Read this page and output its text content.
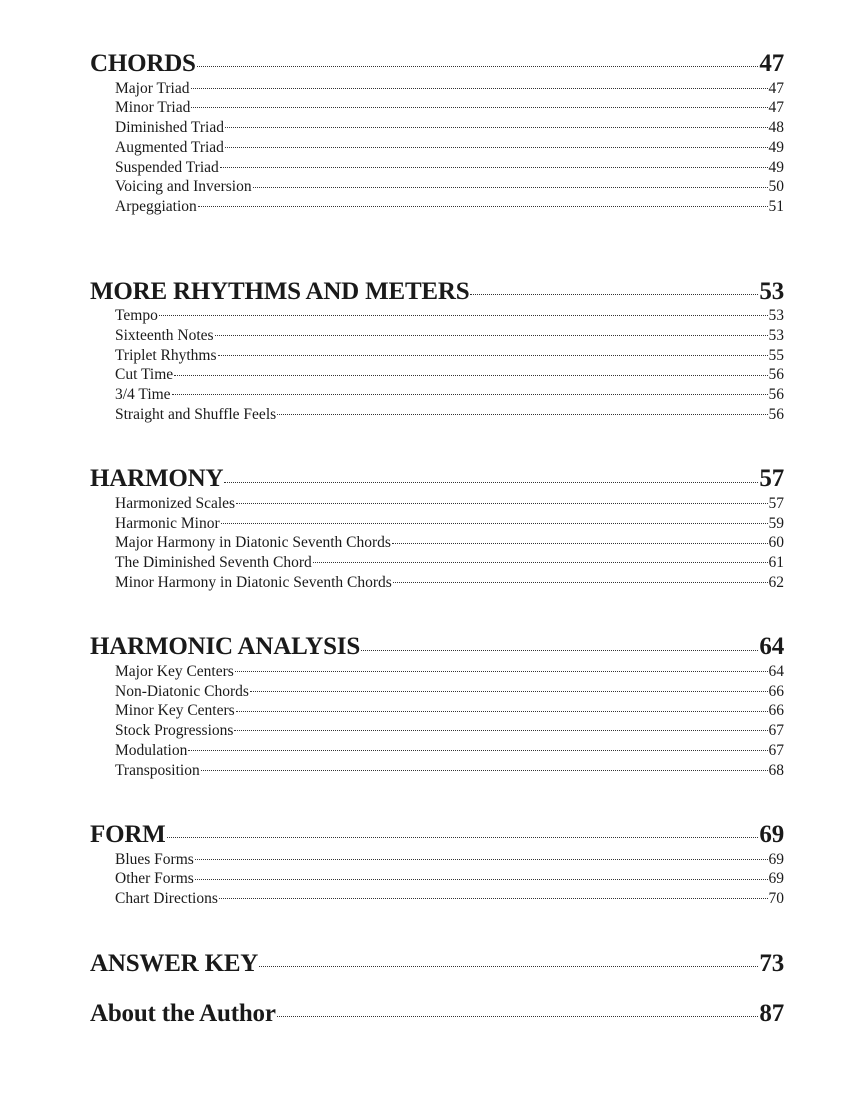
CHORDS	47
Major Triad	47
Minor Triad	47
Diminished Triad	48
Augmented Triad	49
Suspended Triad	49
Voicing and Inversion	50
Arpeggiation	51
MORE RHYTHMS AND METERS	53
Tempo	53
Sixteenth Notes	53
Triplet Rhythms	55
Cut Time	56
3/4 Time	56
Straight and Shuffle Feels	56
HARMONY	57
Harmonized Scales	57
Harmonic Minor	59
Major Harmony in Diatonic Seventh Chords	60
The Diminished Seventh Chord	61
Minor Harmony in Diatonic Seventh Chords	62
HARMONIC ANALYSIS	64
Major Key Centers	64
Non-Diatonic Chords	66
Minor Key Centers	66
Stock Progressions	67
Modulation	67
Transposition	68
FORM	69
Blues Forms	69
Other Forms	69
Chart Directions	70
ANSWER KEY	73
About the Author	87
